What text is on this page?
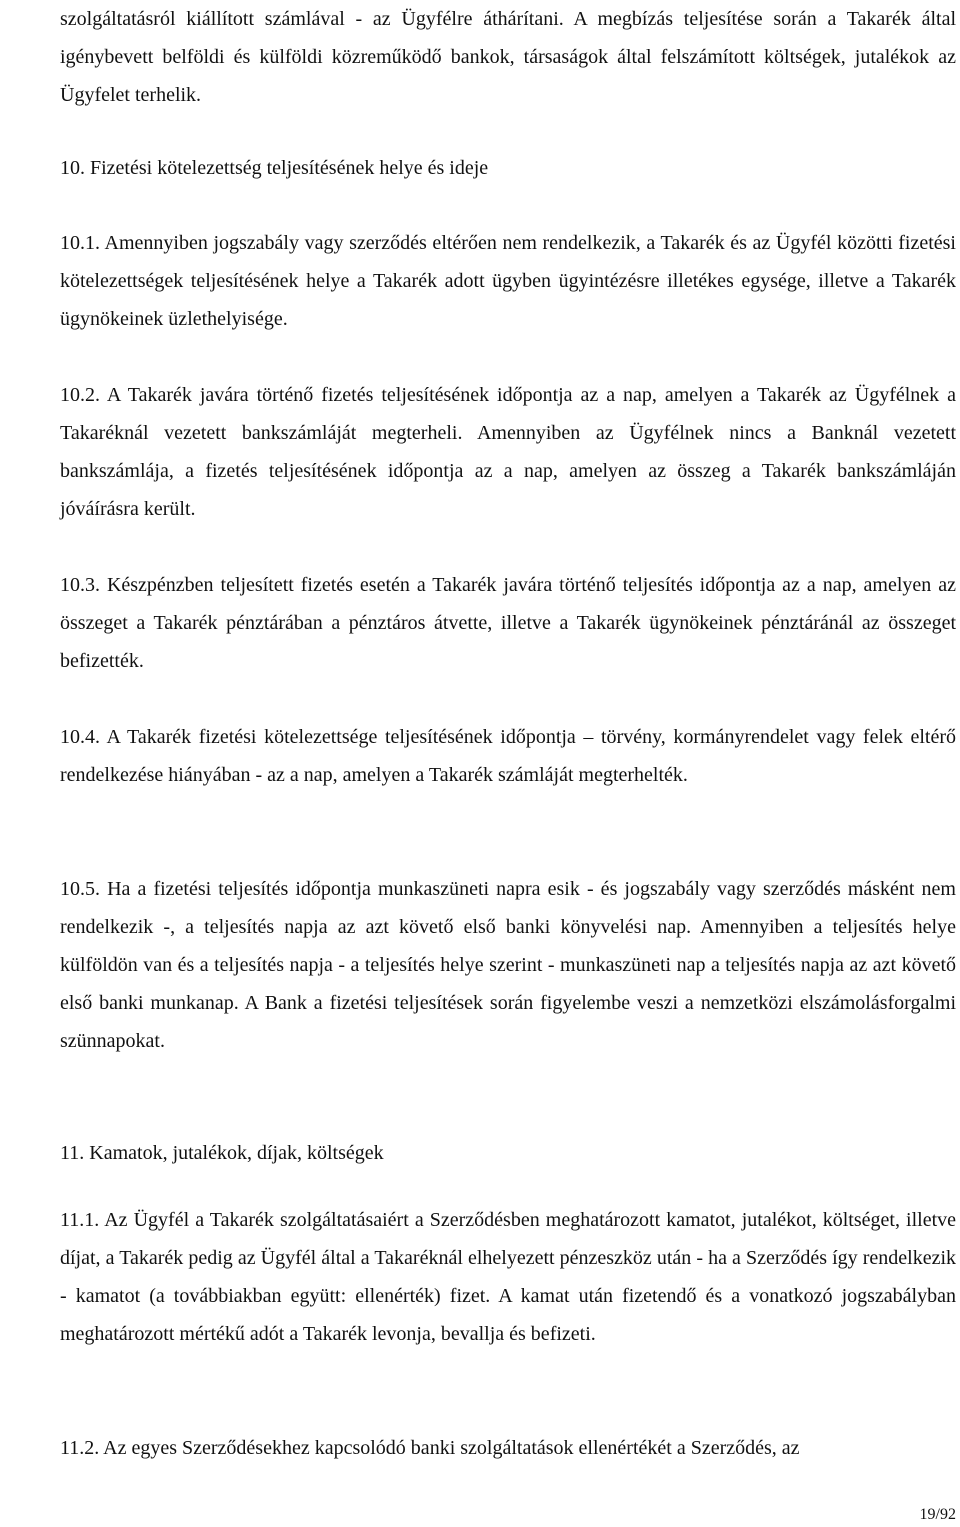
szolgáltatásról kiállított számlával - az Ügyfélre áthárítani. A megbízás teljesítése során a Takarék által igénybevett belföldi és külföldi közreműködő bankok, társaságok által felszámított költségek, jutalékok az Ügyfelet terhelik.

10. Fizetési kötelezettség teljesítésének helye és ideje

10.1. Amennyiben jogszabály vagy szerződés eltérően nem rendelkezik, a Takarék és az Ügyfél közötti fizetési kötelezettségek teljesítésének helye a Takarék adott ügyben ügyintézésre illetékes egysége, illetve a Takarék ügynökeinek üzlethelyisége.

10.2. A Takarék javára történő fizetés teljesítésének időpontja az a nap, amelyen a Takarék az Ügyfélnek a Takaréknál vezetett bankszámláját megterheli. Amennyiben az Ügyfélnek nincs a Banknál vezetett bankszámlája, a fizetés teljesítésének időpontja az a nap, amelyen az összeg a Takarék bankszámláján jóváírásra került.

10.3. Készpénzben teljesített fizetés esetén a Takarék javára történő teljesítés időpontja az a nap, amelyen az összeget a Takarék pénztárában a pénztáros átvette, illetve a Takarék ügynökeinek pénztáránál az összeget befizették.

10.4. A Takarék fizetési kötelezettsége teljesítésének időpontja – törvény, kormányrendelet vagy felek eltérő rendelkezése hiányában - az a nap, amelyen a Takarék számláját megterhelték.

10.5. Ha a fizetési teljesítés időpontja munkaszüneti napra esik - és jogszabály vagy szerződés másként nem rendelkezik -, a teljesítés napja az azt követő első banki könyvelési nap. Amennyiben a teljesítés helye külföldön van és a teljesítés napja - a teljesítés helye szerint - munkaszüneti nap a teljesítés napja az azt követő első banki munkanap. A Bank a fizetési teljesítések során figyelembe veszi a nemzetközi elszámolásforgalmi szünnapokat.

11. Kamatok, jutalékok, díjak, költségek

11.1. Az Ügyfél a Takarék szolgáltatásaiért a Szerződésben meghatározott kamatot, jutalékot, költséget, illetve díjat, a Takarék pedig az Ügyfél által a Takaréknál elhelyezett pénzeszköz után - ha a Szerződés így rendelkezik - kamatot (a továbbiakban együtt: ellenérték) fizet. A kamat után fizetendő és a vonatkozó jogszabályban meghatározott mértékű adót a Takarék levonja, bevallja és befizeti.

11.2. Az egyes Szerződésekhez kapcsolódó banki szolgáltatások ellenértékét a Szerződés, az

19/92
